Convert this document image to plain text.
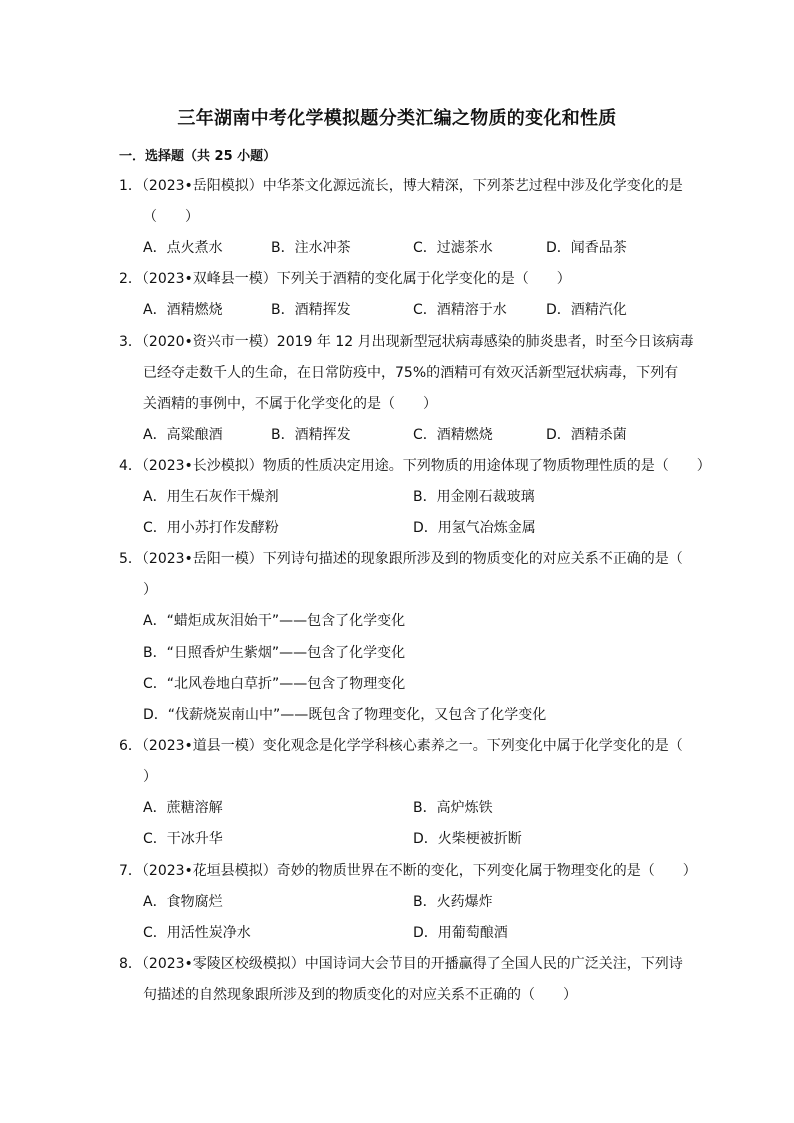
三年湖南中考化学模拟题分类汇编之物质的变化和性质
一．选择题（共 25 小题）
1．（2023•岳阳模拟）中华茶文化源远流长，博大精深，下列茶艺过程中涉及化学变化的是
（　　）
A．点火煮水	B．注水冲茶	C．过滤茶水	D．闻香品茶
2．（2023•双峰县一模）下列关于酒精的变化属于化学变化的是（　　）
A．酒精燃烧	B．酒精挥发	C．酒精溶于水	D．酒精汽化
3．（2020•资兴市一模）2019 年 12 月出现新型冠状病毒感染的肺炎患者，时至今日该病毒
已经夺走数千人的生命，在日常防疫中，75%的酒精可有效灭活新型冠状病毒，下列有
关酒精的事例中，不属于化学变化的是（　　）
A．高粱酿酒	B．酒精挥发	C．酒精燃烧	D．酒精杀菌
4．（2023•长沙模拟）物质的性质决定用途。下列物质的用途体现了物质物理性质的是（　　）
A．用生石灰作干燥剂	B．用金刚石裁玻璃
C．用小苏打作发酵粉	D．用氢气冶炼金属
5．（2023•岳阳一模）下列诗句描述的现象跟所涉及到的物质变化的对应关系不正确的是（
）
A．“蜡炬成灰泪始干”——包含了化学变化
B．“日照香炉生紫烟”——包含了化学变化
C．“北风卷地白草折”——包含了物理变化
D．“伐薪烧炭南山中”——既包含了物理变化，又包含了化学变化
6．（2023•道县一模）变化观念是化学学科核心素养之一。下列变化中属于化学变化的是（
）
A．蔗糖溶解	B．高炉炼铁
C．干冰升华	D．火柴梗被折断
7．（2023•花垣县模拟）奇妙的物质世界在不断的变化，下列变化属于物理变化的是（　　）
A．食物腐烂	B．火药爆炸
C．用活性炭净水	D．用葡萄酿酒
8．（2023•零陵区校级模拟）中国诗词大会节目的开播赢得了全国人民的广泛关注，下列诗
句描述的自然现象跟所涉及到的物质变化的对应关系不正确的（　　）
